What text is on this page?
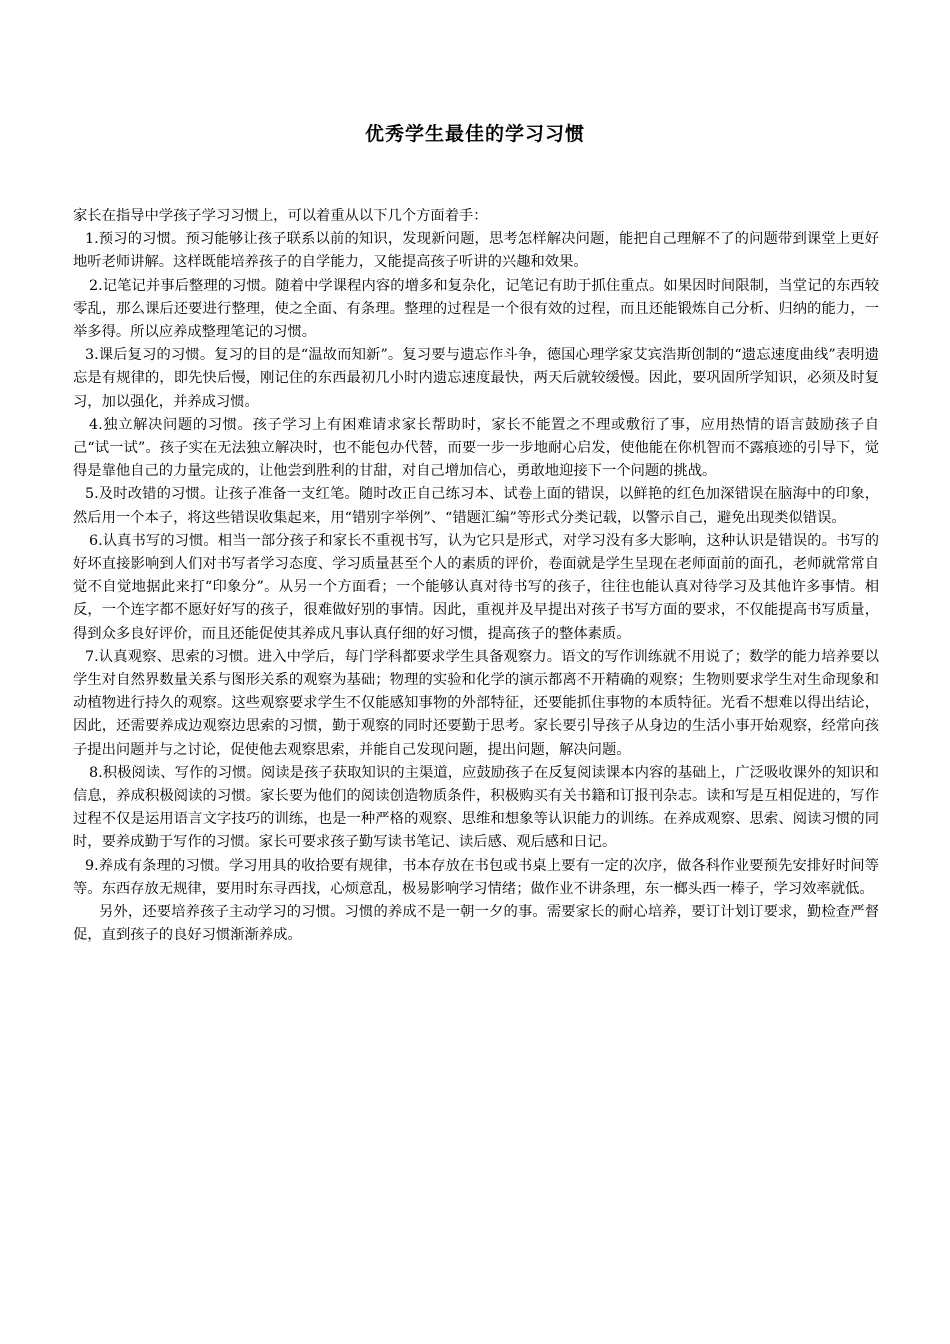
优秀学生最佳的学习习惯

家长在指导中学孩子学习习惯上，可以着重从以下几个方面着手：

1.预习的习惯。预习能够让孩子联系以前的知识，发现新问题，思考怎样解决问题，能把自己理解不了的问题带到课堂上更好地听老师讲解。这样既能培养孩子的自学能力，又能提高孩子听讲的兴趣和效果。

2.记笔记并事后整理的习惯。随着中学课程内容的增多和复杂化，记笔记有助于抓住重点。如果因时间限制，当堂记的东西较零乱，那么课后还要进行整理，使之全面、有条理。整理的过程是一个很有效的过程，而且还能锻炼自己分析、归纳的能力，一举多得。所以应养成整理笔记的习惯。

3.课后复习的习惯。复习的目的是“温故而知新”。复习要与遗忘作斗争，德国心理学家艾宾浩斯创制的“遗忘速度曲线”表明遗忘是有规律的，即先快后慢，刚记住的东西最初几小时内遗忘速度最快，两天后就较缓慢。因此，要巩固所学知识，必须及时复习，加以强化，并养成习惯。

4.独立解决问题的习惯。孩子学习上有困难请求家长帮助时，家长不能置之不理或敷衍了事，应用热情的语言鼓励孩子自己“试一试”。孩子实在无法独立解决时，也不能包办代替，而要一步一步地耐心启发，使他能在你机智而不露痕迹的引导下，觉得是靠他自己的力量完成的，让他尝到胜利的甘甜，对自己增加信心，勇敢地迎接下一个问题的挑战。

5.及时改错的习惯。让孩子准备一支红笔。随时改正自己练习本、试卷上面的错误，以鲜艳的红色加深错误在脑海中的印象，然后用一个本子，将这些错误收集起来，用“错别字举例”、“错题汇编”等形式分类记载，以警示自己，避免出现类似错误。

6.认真书写的习惯。相当一部分孩子和家长不重视书写，认为它只是形式，对学习没有多大影响，这种认识是错误的。书写的好坏直接影响到人们对书写者学习态度、学习质量甚至个人的素质的评价，卷面就是学生呈现在老师面前的面孔，老师就常常自觉不自觉地据此来打“印象分”。从另一个方面看；一个能够认真对待书写的孩子，往往也能认真对待学习及其他许多事情。相反，一个连字都不愿好好写的孩子，很难做好别的事情。因此，重视并及早提出对孩子书写方面的要求，不仅能提高书写质量，得到众多良好评价，而且还能促使其养成凡事认真仔细的好习惯，提高孩子的整体素质。

7.认真观察、思索的习惯。进入中学后，每门学科都要求学生具备观察力。语文的写作训练就不用说了；数学的能力培养要以学生对自然界数量关系与图形关系的观察为基础；物理的实验和化学的演示都离不开精确的观察；生物则要求学生对生命现象和动植物进行持久的观察。这些观察要求学生不仅能感知事物的外部特征，还要能抓住事物的本质特征。光看不想难以得出结论，因此，还需要养成边观察边思索的习惯，勤于观察的同时还要勤于思考。家长要引导孩子从身边的生活小事开始观察，经常向孩子提出问题并与之讨论，促使他去观察思索，并能自己发现问题，提出问题，解决问题。

8.积极阅读、写作的习惯。阅读是孩子获取知识的主渠道，应鼓励孩子在反复阅读课本内容的基础上，广泛吸收课外的知识和信息，养成积极阅读的习惯。家长要为他们的阅读创造物质条件，积极购买有关书籍和订报刊杂志。读和写是互相促进的，写作过程不仅是运用语言文字技巧的训练，也是一种严格的观察、思维和想象等认识能力的训练。在养成观察、思索、阅读习惯的同时，要养成勤于写作的习惯。家长可要求孩子勤写读书笔记、读后感、观后感和日记。

9.养成有条理的习惯。学习用具的收拾要有规律，书本存放在书包或书桌上要有一定的次序，做各科作业要预先安排好时间等等。东西存放无规律，要用时东寻西找，心烦意乱，极易影响学习情绪；做作业不讲条理，东一榔头西一棒子，学习效率就低。

另外，还要培养孩子主动学习的习惯。习惯的养成不是一朝一夕的事。需要家长的耐心培养，要订计划订要求，勤检查严督促，直到孩子的良好习惯渐渐养成。
